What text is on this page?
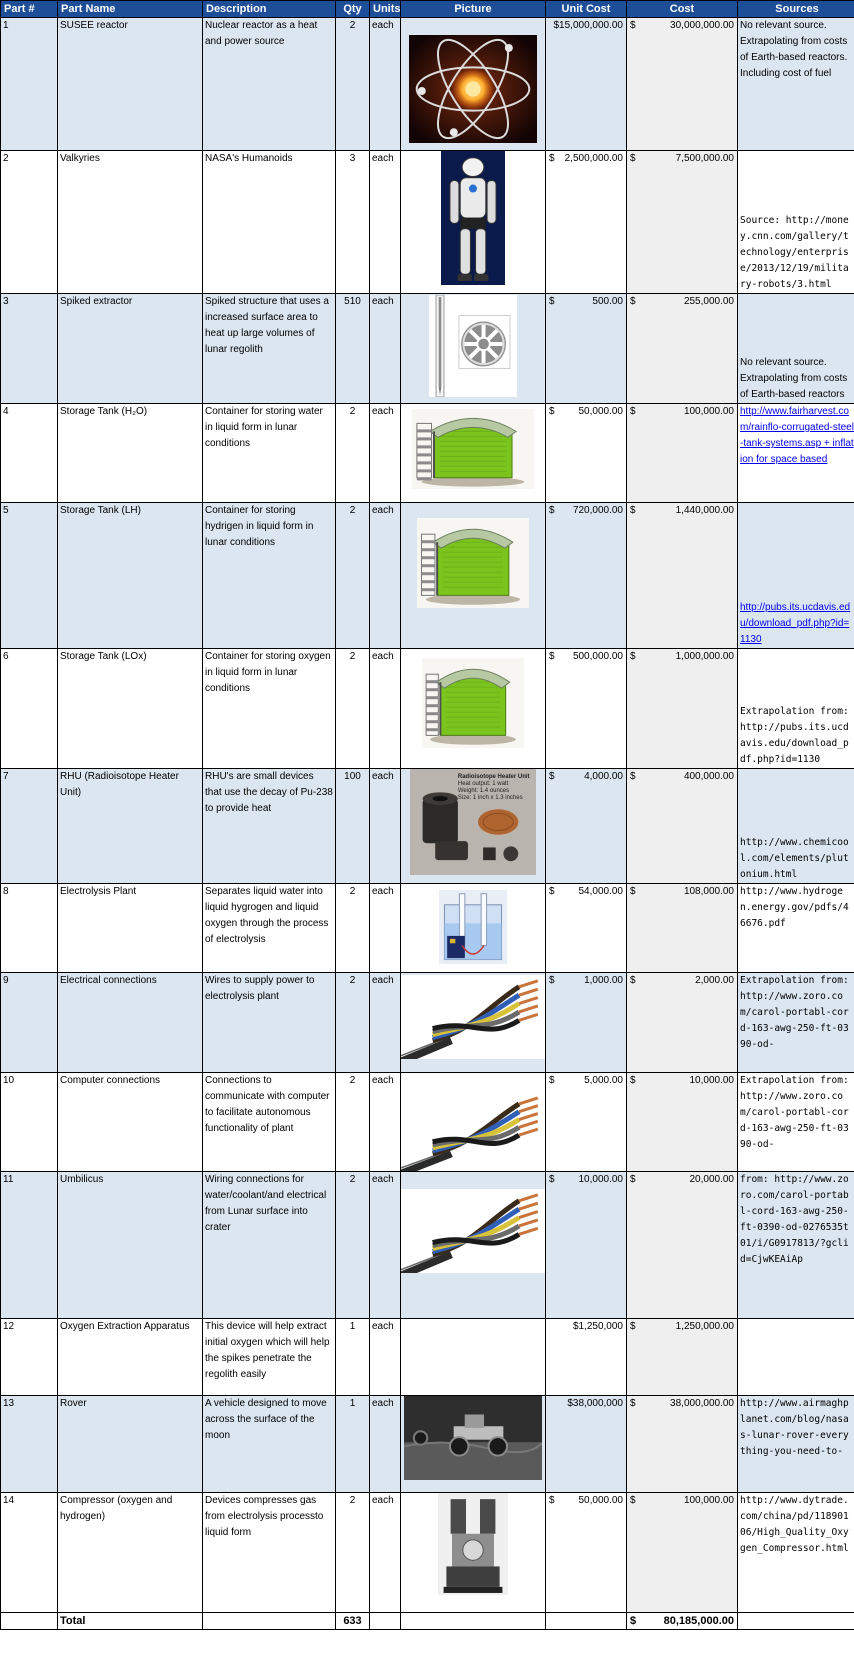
Part #	Part Name	Description	Qty	Units	Picture	Unit Cost	Cost	Sources
1	SUSEE reactor	Nuclear reactor as a heat and power source	2	each		$15,000,000.00	$ 30,000,000.00	No relevant source. Extrapolating from costs of Earth-based reactors. Including cost of fuel
2	Valkyries	NASA's Humanoids	3	each		$ 2,500,000.00	$ 7,500,000.00	Source: http://money.cnn.com/gallery/technology/enterprise/2013/12/19/military-robots/3.html
3	Spiked extractor	Spiked structure that uses a increased surface area to heat up large volumes of lunar regolith	510	each		$ 500.00	$ 255,000.00	No relevant source. Extrapolating from costs of Earth-based reactors
4	Storage Tank (H₂O)	Container for storing water in liquid form in lunar conditions	2	each		$ 50,000.00	$ 100,000.00	http://www.fairharvest.com/rainflo-corrugated-steel-tank-systems.asp + inflation for space based
5	Storage Tank (LH)	Container for storing hydrigen in liquid form in lunar conditions	2	each		$ 720,000.00	$ 1,440,000.00	http://pubs.its.ucdavis.edu/download_pdf.php?id=1130
6	Storage Tank (LOx)	Container for storing oxygen in liquid form in lunar conditions	2	each		$ 500,000.00	$ 1,000,000.00	Extrapolation from: http://pubs.its.ucdavis.edu/download_pdf.php?id=1130
7	RHU (Radioisotope Heater Unit)	RHU's are small devices that use the decay of Pu-238 to provide heat	100	each	Radioisotope Heater Unit Heat output: 1 watt Weight: 1.4 ounces Size: 1 inch x 1.3 inches	$ 4,000.00	$ 400,000.00	http://www.chemicool.com/elements/plutonium.html
8	Electrolysis Plant	Separates liquid water into liquid hygrogen and liquid oxygen through the process of electrolysis	2	each		$ 54,000.00	$ 108,000.00	http://www.hydrogen.energy.gov/pdfs/46676.pdf
9	Electrical connections	Wires to supply power to electrolysis plant	2	each		$ 1,000.00	$ 2,000.00	Extrapolation from: http://www.zoro.com/carol-portabl-cord-163-awg-250-ft-0390-od-
10	Computer connections	Connections to communicate with computer to facilitate autonomous functionality of plant	2	each		$ 5,000.00	$ 10,000.00	Extrapolation from: http://www.zoro.com/carol-portabl-cord-163-awg-250-ft-0390-od-
11	Umbilicus	Wiring connections for water/coolant/and electrical from Lunar surface into crater	2	each		$ 10,000.00	$ 20,000.00	from: http://www.zoro.com/carol-portabl-cord-163-awg-250-ft-0390-od-0276535t01/i/G0917813/?gclid=CjwKEAiAp
12	Oxygen Extraction Apparatus	This device will help extract initial oxygen which will help the spikes penetrate the regolith easily	1	each		$1,250,000	$ 1,250,000.00	

13	Rover	A vehicle designed to move across the surface of the moon	1	each		$38,000,000	$ 38,000,000.00	http://www.airmaghplanet.com/blog/nasas-lunar-rover-everything-you-need-to-
14	Compressor (oxygen and hydrogen)	Devices compresses gas from electrolysis processto liquid form	2	each		$ 50,000.00	$ 100,000.00	http://www.dytrade.com/china/pd/11890106/High_Quality_Oxygen_Compressor.html
	Total		633				$ 80,185,000.00	
